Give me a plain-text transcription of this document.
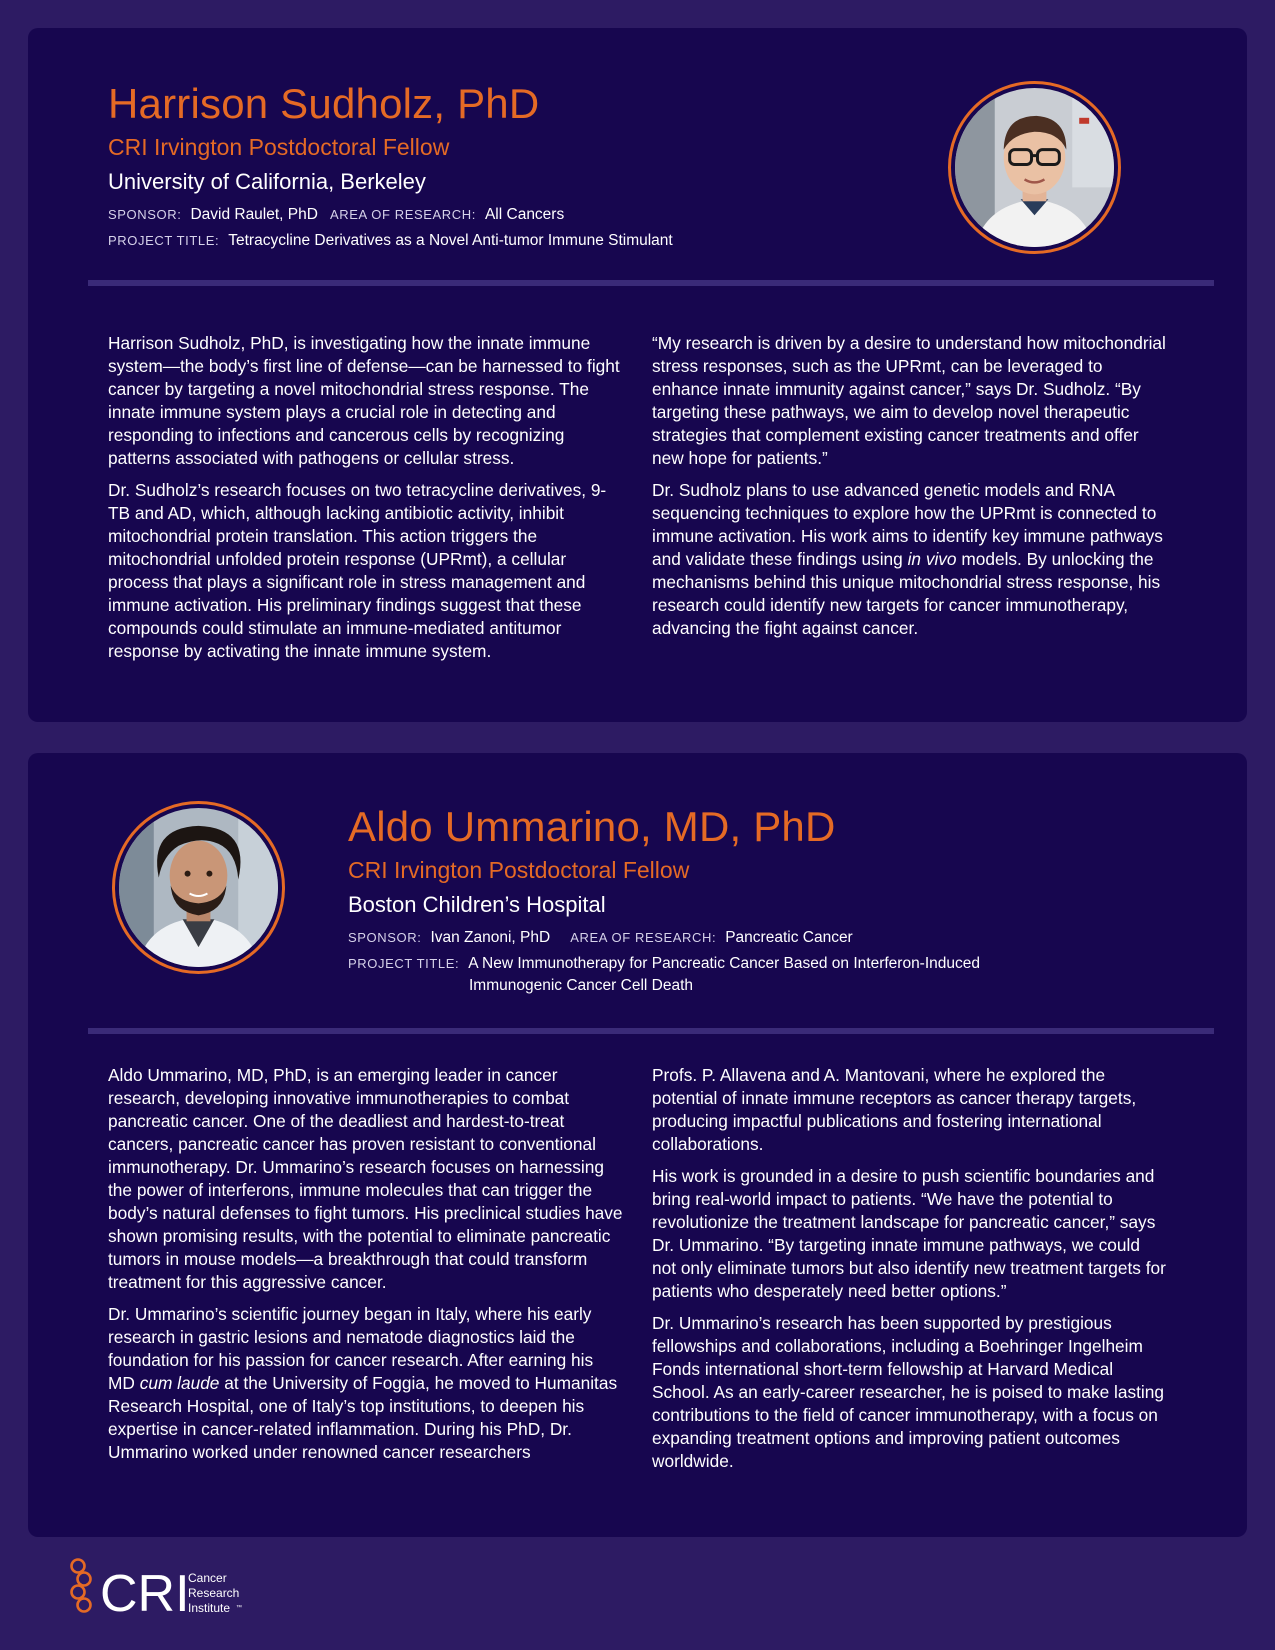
Harrison Sudholz, PhD
CRI Irvington Postdoctoral Fellow
University of California, Berkeley
SPONSOR: David Raulet, PhD AREA OF RESEARCH: All Cancers
PROJECT TITLE: Tetracycline Derivatives as a Novel Anti-tumor Immune Stimulant

Harrison Sudholz, PhD, is investigating how the innate immune system—the body’s first line of defense—can be harnessed to fight cancer by targeting a novel mitochondrial stress response. The innate immune system plays a crucial role in detecting and responding to infections and cancerous cells by recognizing patterns associated with pathogens or cellular stress.

Dr. Sudholz’s research focuses on two tetracycline derivatives, 9-TB and AD, which, although lacking antibiotic activity, inhibit mitochondrial protein translation. This action triggers the mitochondrial unfolded protein response (UPRmt), a cellular process that plays a significant role in stress management and immune activation. His preliminary findings suggest that these compounds could stimulate an immune-mediated antitumor response by activating the innate immune system.

“My research is driven by a desire to understand how mitochondrial stress responses, such as the UPRmt, can be leveraged to enhance innate immunity against cancer,” says Dr. Sudholz. “By targeting these pathways, we aim to develop novel therapeutic strategies that complement existing cancer treatments and offer new hope for patients.”

Dr. Sudholz plans to use advanced genetic models and RNA sequencing techniques to explore how the UPRmt is connected to immune activation. His work aims to identify key immune pathways and validate these findings using in vivo models. By unlocking the mechanisms behind this unique mitochondrial stress response, his research could identify new targets for cancer immunotherapy, advancing the fight against cancer.

Aldo Ummarino, MD, PhD
CRI Irvington Postdoctoral Fellow
Boston Children’s Hospital
SPONSOR: Ivan Zanoni, PhD AREA OF RESEARCH: Pancreatic Cancer
PROJECT TITLE: A New Immunotherapy for Pancreatic Cancer Based on Interferon-Induced
Immunogenic Cancer Cell Death

Aldo Ummarino, MD, PhD, is an emerging leader in cancer research, developing innovative immunotherapies to combat pancreatic cancer. One of the deadliest and hardest-to-treat cancers, pancreatic cancer has proven resistant to conventional immunotherapy. Dr. Ummarino’s research focuses on harnessing the power of interferons, immune molecules that can trigger the body’s natural defenses to fight tumors. His preclinical studies have shown promising results, with the potential to eliminate pancreatic tumors in mouse models—a breakthrough that could transform treatment for this aggressive cancer.

Dr. Ummarino’s scientific journey began in Italy, where his early research in gastric lesions and nematode diagnostics laid the foundation for his passion for cancer research. After earning his MD cum laude at the University of Foggia, he moved to Humanitas Research Hospital, one of Italy’s top institutions, to deepen his expertise in cancer-related inflammation. During his PhD, Dr. Ummarino worked under renowned cancer researchers

Profs. P. Allavena and A. Mantovani, where he explored the potential of innate immune receptors as cancer therapy targets, producing impactful publications and fostering international collaborations.

His work is grounded in a desire to push scientific boundaries and bring real-world impact to patients. “We have the potential to revolutionize the treatment landscape for pancreatic cancer,” says Dr. Ummarino. “By targeting innate immune pathways, we could not only eliminate tumors but also identify new treatment targets for patients who desperately need better options.”

Dr. Ummarino’s research has been supported by prestigious fellowships and collaborations, including a Boehringer Ingelheim Fonds international short-term fellowship at Harvard Medical School. As an early-career researcher, he is poised to make lasting contributions to the field of cancer immunotherapy, with a focus on expanding treatment options and improving patient outcomes worldwide.

CRI
Cancer
Research
Institute ™
